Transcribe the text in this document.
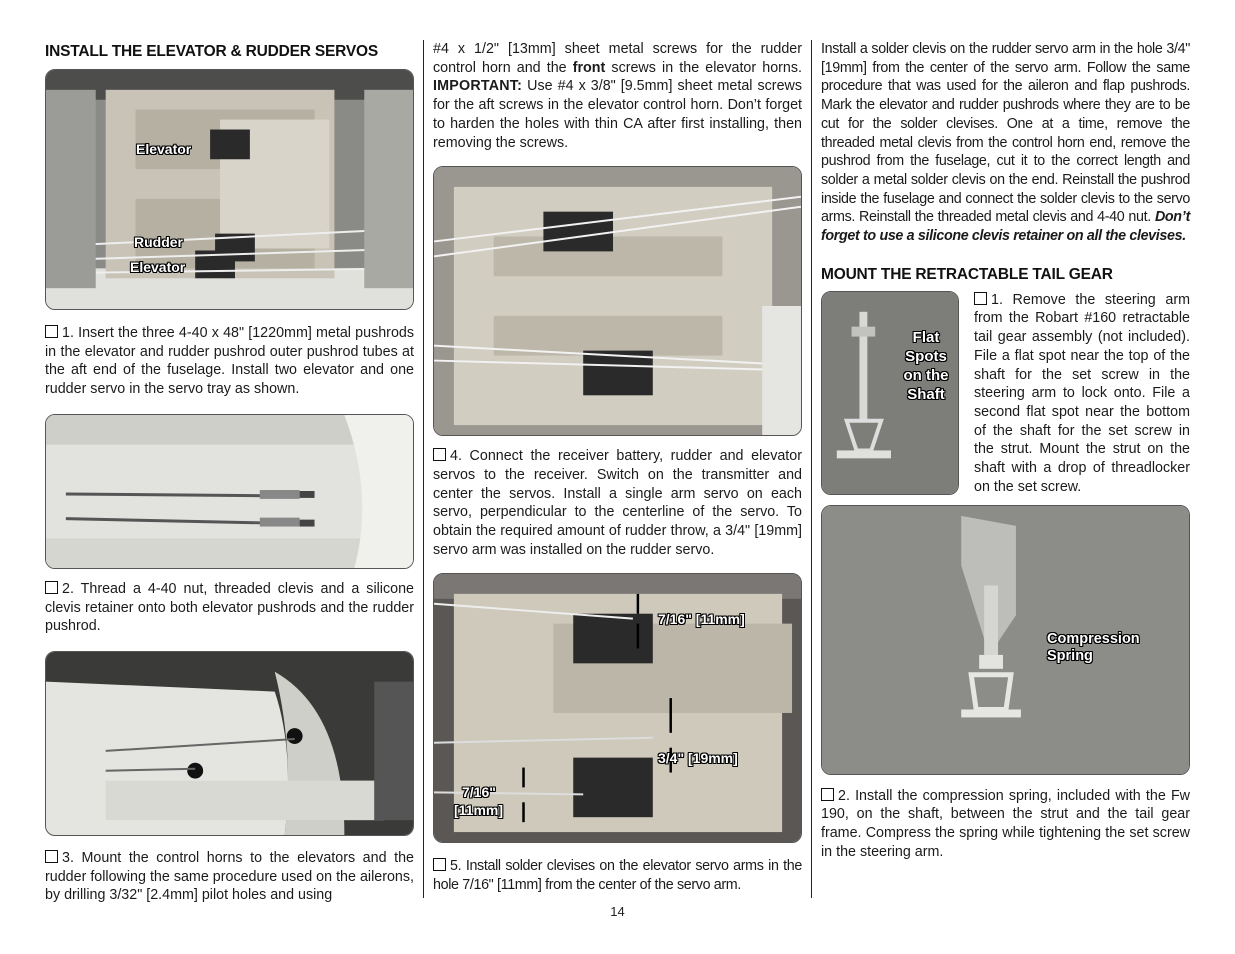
INSTALL THE ELEVATOR & RUDDER SERVOS
Elevator
Rudder
Elevator

1. Insert the three 4-40 x 48" [1220mm] metal pushrods in the elevator and rudder pushrod outer pushrod tubes at the aft end of the fuselage. Install two elevator and one rudder servo in the servo tray as shown.

2. Thread a 4-40 nut, threaded clevis and a silicone clevis retainer onto both elevator pushrods and the rudder pushrod.

3. Mount the control horns to the elevators and the rudder following the same procedure used on the ailerons, by drilling 3/32" [2.4mm] pilot holes and using

#4 x 1/2" [13mm] sheet metal screws for the rudder control horn and the front screws in the elevator horns. IMPORTANT: Use #4 x 3/8" [9.5mm] sheet metal screws for the aft screws in the elevator control horn. Don’t forget to harden the holes with thin CA after first installing, then removing the screws.

4. Connect the receiver battery, rudder and elevator servos to the receiver. Switch on the transmitter and center the servos. Install a single arm servo on each servo, perpendicular to the centerline of the servo. To obtain the required amount of rudder throw, a 3/4" [19mm] servo arm was installed on the rudder servo.

7/16" [11mm]
3/4" [19mm]
7/16"
[11mm]

5. Install solder clevises on the elevator servo arms in the hole 7/16" [11mm] from the center of the servo arm.

Install a solder clevis on the rudder servo arm in the hole 3/4" [19mm] from the center of the servo arm. Follow the same procedure that was used for the aileron and flap pushrods. Mark the elevator and rudder pushrods where they are to be cut for the solder clevises. One at a time, remove the threaded metal clevis from the control horn end, remove the pushrod from the fuselage, cut it to the correct length and solder a metal solder clevis on the end. Reinstall the pushrod inside the fuselage and connect the solder clevis to the servo arms. Reinstall the threaded metal clevis and 4-40 nut. Don’t forget to use a silicone clevis retainer on all the clevises.

MOUNT THE RETRACTABLE TAIL GEAR
Flat
Spots
on the
Shaft

1. Remove the steering arm from the Robart #160 retractable tail gear assembly (not included). File a flat spot near the top of the shaft for the set screw in the steering arm to lock onto. File a second flat spot near the bottom of the shaft for the set screw in the strut. Mount the strut on the shaft with a drop of threadlocker on the set screw.

Compression
Spring

2. Install the compression spring, included with the Fw 190, on the shaft, between the strut and the tail gear frame. Compress the spring while tightening the set screw in the steering arm.

14
